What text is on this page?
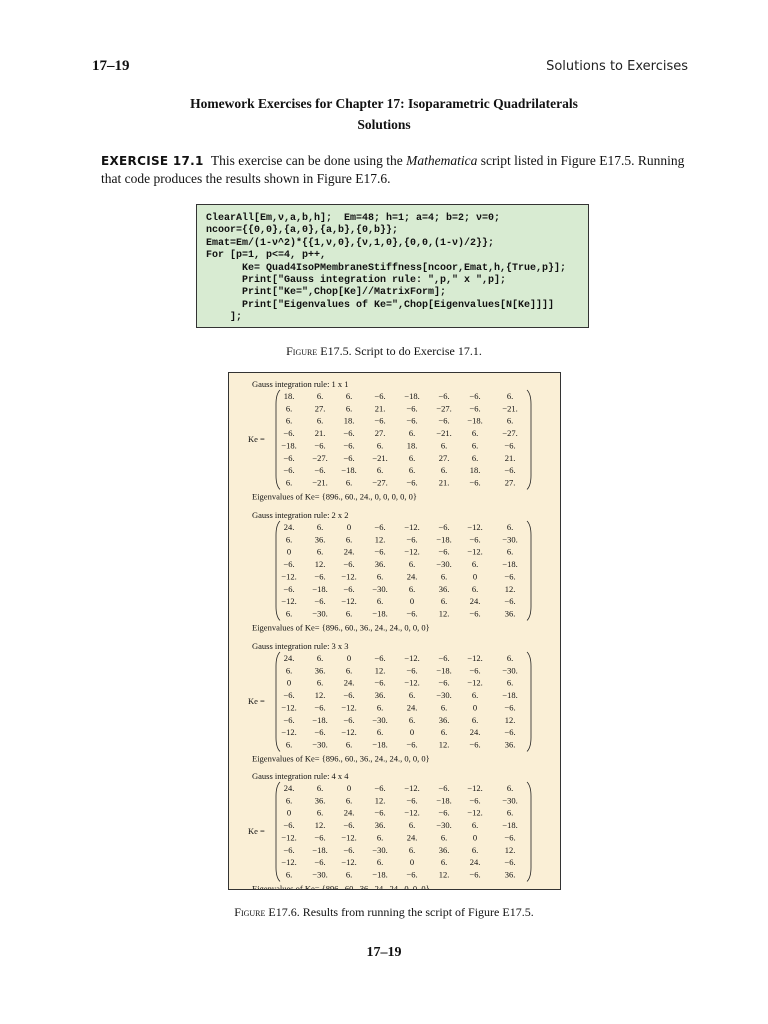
17–19	Solutions to Exercises
Homework Exercises for Chapter 17: Isoparametric Quadrilaterals
Solutions
EXERCISE 17.1 This exercise can be done using the Mathematica script listed in Figure E17.5. Running that code produces the results shown in Figure E17.6.
ClearAll[Em,ν,a,b,h];  Em=48; h=1; a=4; b=2; ν=0;
ncoor={{0,0},{a,0},{a,b},{0,b}};
Emat=Em/(1-ν^2)*{{1,ν,0},{ν,1,0},{0,0,(1-ν)/2}};
For [p=1, p<=4, p++,
Ke= Quad4IsoPMembraneStiffness[ncoor,Emat,h,{True,p}];
Print["Gauss integration rule: ",p," x ",p];
Print["Ke=",Chop[Ke]//MatrixForm];
Print["Eigenvalues of Ke=",Chop[Eigenvalues[N[Ke]]]]
];
Figure E17.5. Script to do Exercise 17.1.
Gauss integration rule: 1 x 1
18.	6.	6.	−6. −18. −6. −6.	6.
6.	27. 6.	21. −6. −27. −6.	−21.
6.	6. 18. −6. −6. −6. −18.	6.
−6. 21. −6. 27.	6. −21. 6.	−27.
−18. −6. −6.	6.	18.	6.	6.	−6.
−6. −27. −6. −21. 6.	27.	6.	21.
−6. −6. −18. 6.	6.	6.	18.	−6.
6. −21. 6. −27. −6. 21. −6.	27.
Ke =
Eigenvalues of Ke= {896., 60., 24., 0, 0, 0, 0, 0}
Gauss integration rule: 2 x 2
24.	6.	0	−6. −12. −6. −12.	6.
6.	36. 6.	12. −6. −18. −6.	−30.
0	6. 24. −6. −12. −6. −12.	6.
−6. 12. −6. 36.	6. −30. 6.	−18.
−12. −6. −12. 6.	24.	6.	0	−6.
−6. −18. −6. −30. 6.	36.	6.	12.
−12. −6. −12. 6.	0	6.	24.	−6.
6. −30. 6. −18. −6. 12. −6.	36.
Eigenvalues of Ke= {896., 60., 36., 24., 24., 0, 0, 0}
Gauss integration rule: 3 x 3
24.	6.	0	−6. −12. −6. −12.	6.
6.	36. 6.	12. −6. −18. −6.	−30.
0	6. 24. −6. −12. −6. −12.	6.
−6. 12. −6. 36.	6. −30. 6.	−18.
−12. −6. −12. 6.	24.	6.	0	−6.
−6. −18. −6. −30. 6.	36.	6.	12.
−12. −6. −12. 6.	0	6.	24.	−6.
6. −30. 6. −18. −6. 12. −6.	36.
Ke =
Eigenvalues of Ke= {896., 60., 36., 24., 24., 0, 0, 0}
Gauss integration rule: 4 x 4
24.	6.	0	−6. −12. −6. −12.	6.
6.	36. 6.	12. −6. −18. −6.	−30.
0	6. 24. −6. −12. −6. −12.	6.
−6. 12. −6. 36.	6. −30. 6.	−18.
−12. −6. −12. 6.	24.	6.	0	−6.
−6. −18. −6. −30. 6.	36.	6.	12.
−12. −6. −12. 6.	0	6.	24.	−6.
6. −30. 6. −18. −6. 12. −6.	36.
Ke =
Eigenvalues of Ke= {896., 60., 36., 24., 24., 0, 0, 0}
Figure E17.6. Results from running the script of Figure E17.5.
17–19
